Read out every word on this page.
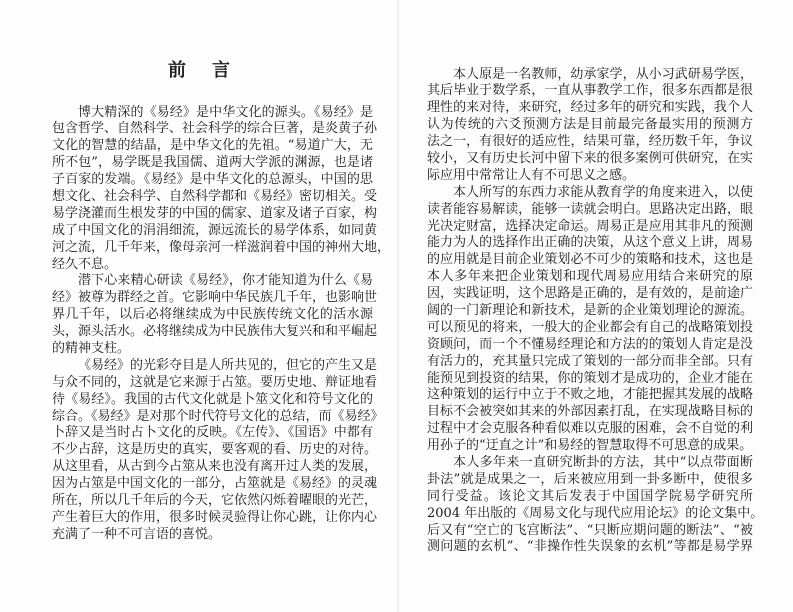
前言
博大精深的《易经》是中华文化的源头。《易经》是
包含哲学、自然科学、社会科学的综合巨著，是炎黄子孙
文化的智慧的结晶，是中华文化的先祖。“易道广大，无
所不包”，易学既是我国儒、道两大学派的渊源，也是诸
子百家的发端。《易经》是中华文化的总源头，中国的思
想文化、社会科学、自然科学都和《易经》密切相关。受
易学浇灌而生根发芽的中国的儒家、道家及诸子百家，构
成了中国文化的涓涓细流，源远流长的易学体系，如同黄
河之流，几千年来，像母亲河一样滋润着中国的神州大地，
经久不息。
潜下心来精心研读《易经》，你才能知道为什么《易
经》被尊为群经之首。它影响中华民族几千年，也影响世
界几千年，以后必将继续成为中民族传统文化的活水源
头，源头活水。必将继续成为中民族伟大复兴和和平崛起
的精神支柱。
《易经》的光彩夺目是人所共见的，但它的产生又是
与众不同的，这就是它来源于占筮。要历史地、辩证地看
待《易经》。我国的古代文化就是卜筮文化和符号文化的
综合。《易经》是对那个时代符号文化的总结，而《易经》
卜辞又是当时占卜文化的反映。《左传》、《国语》中都有
不少占辞，这是历史的真实，要客观的看、历史的对待。
从这里看，从古到今占筮从来也没有离开过人类的发展，
因为占筮是中国文化的一部分，占筮就是《易经》的灵魂
所在，所以几千年后的今天，它依然闪烁着曜眼的光芒，
产生着巨大的作用，很多时候灵验得让你心跳，让你内心
充满了一种不可言语的喜悦。
本人原是一名教师，幼承家学，从小习武研易学医，
其后毕业于数学系，一直从事教学工作，很多东西都是很
理性的来对待，来研究，经过多年的研究和实践，我个人
认为传统的六爻预测方法是目前最完备最实用的预测方
法之一，有很好的适应性，结果可靠，经历数千年，争议
较小，又有历史长河中留下来的很多案例可供研究，在实
际应用中常常让人有不可思义之感。
本人所写的东西力求能从教育学的角度来进入，以使
读者能容易解读，能够一读就会明白。思路决定出路，眼
光决定财富，选择决定命运。周易正是应用其非凡的预测
能力为人的选择作出正确的决策，从这个意义上讲，周易
的应用就是目前企业策划必不可少的策略和技术，这也是
本人多年来把企业策划和现代周易应用结合来研究的原
因，实践证明，这个思路是正确的，是有效的，是前途广
阔的一门新理论和新技术，是新的企业策划理论的源流。
可以预见的将来，一般大的企业都会有自己的战略策划投
资顾问，而一个不懂易经理论和方法的的策划人肯定是没
有活力的，充其量只完成了策划的一部分而非全部。只有
能预见到投资的结果，你的策划才是成功的，企业才能在
这种策划的运行中立于不败之地，才能把握其发展的战略
目标不会被突如其来的外部因素打乱，在实现战略目标的
过程中才会克服各种看似难以克服的困难，会不自觉的利
用孙子的“迂直之计”和易经的智慧取得不可思意的成果。
本人多年来一直研究断卦的方法，其中“以点带面断
卦法”就是成果之一，后来被应用到一卦多断中，使很多
同行受益。该论文其后发表于中国国学院易学研究所
2004 年出版的《周易文化与现代应用论坛》的论文集中。
后又有“空亡的飞宫断法”、“只断应期问题的断法”、“被
测问题的玄机”、“非操作性失误象的玄机”等都是易学界
